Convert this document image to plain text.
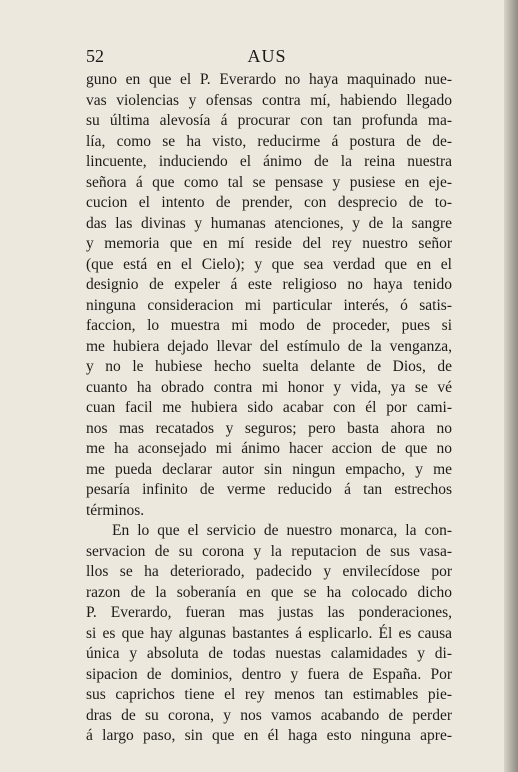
52	AUS
guno en que el P. Everardo no haya maquinado nue-
vas violencias y ofensas contra mí, habiendo llegado
su última alevosía á procurar con tan profunda ma-
lía, como se ha visto, reducirme á postura de de-
lincuente, induciendo el ánimo de la reina nuestra
señora á que como tal se pensase y pusiese en eje-
cucion el intento de prender, con desprecio de to-
das las divinas y humanas atenciones, y de la sangre
y memoria que en mí reside del rey nuestro señor
(que está en el Cielo); y que sea verdad que en el
designio de expeler á este religioso no haya tenido
ninguna consideracion mi particular interés, ó satis-
faccion, lo muestra mi modo de proceder, pues si
me hubiera dejado llevar del estímulo de la venganza,
y no le hubiese hecho suelta delante de Dios, de
cuanto ha obrado contra mi honor y vida, ya se vé
cuan facil me hubiera sido acabar con él por cami-
nos mas recatados y seguros; pero basta ahora no
me ha aconsejado mi ánimo hacer accion de que no
me pueda declarar autor sin ningun empacho, y me
pesaría infinito de verme reducido á tan estrechos
términos.
En lo que el servicio de nuestro monarca, la con-
servacion de su corona y la reputacion de sus vasa-
llos se ha deteriorado, padecido y envilecídose por
razon de la soberanía en que se ha colocado dicho
P. Everardo, fueran mas justas las ponderaciones,
si es que hay algunas bastantes á esplicarlo. Él es causa
única y absoluta de todas nuestas calamidades y di-
sipacion de dominios, dentro y fuera de España. Por
sus caprichos tiene el rey menos tan estimables pie-
dras de su corona, y nos vamos acabando de perder
á largo paso, sin que en él haga esto ninguna apre-
